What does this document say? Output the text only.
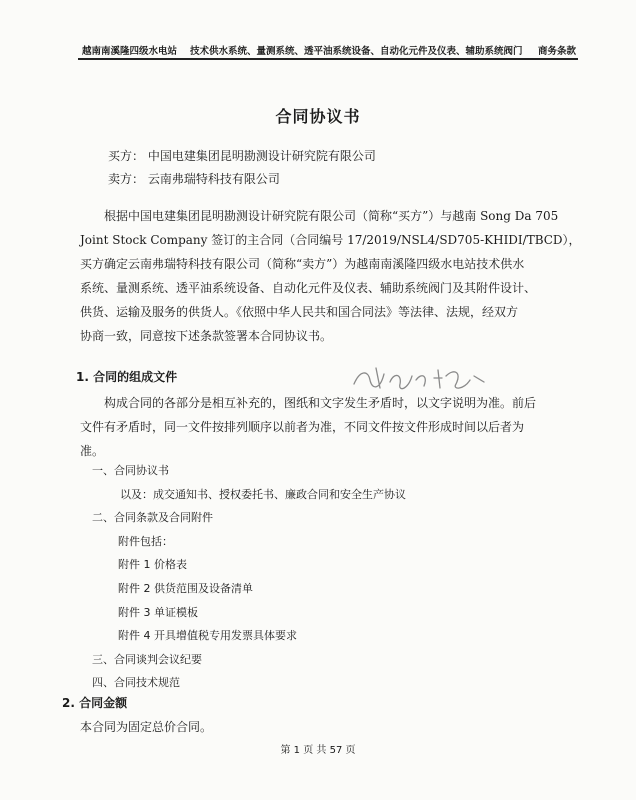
越南南溪隆四级水电站 技术供水系统、量测系统、透平油系统设备、自动化元件及仪表、辅助系统阀门 商务条款
合同协议书
买方： 中国电建集团昆明勘测设计研究院有限公司
卖方： 云南弗瑞特科技有限公司
根据中国电建集团昆明勘测设计研究院有限公司（简称“买方”）与越南 Song Da 705
Joint Stock Company 签订的主合同（合同编号 17/2019/NSL4/SD705-KHIDI/TBCD），
买方确定云南弗瑞特科技有限公司（简称“卖方”）为越南南溪隆四级水电站技术供水
系统、量测系统、透平油系统设备、自动化元件及仪表、辅助系统阀门及其附件设计、
供货、运输及服务的供货人。《依照中华人民共和国合同法》等法律、法规，经双方
协商一致，同意按下述条款签署本合同协议书。
1. 合同的组成文件
构成合同的各部分是相互补充的，图纸和文字发生矛盾时，以文字说明为准。前后
文件有矛盾时，同一文件按排列顺序以前者为准，不同文件按文件形成时间以后者为
准。
一、合同协议书
以及：成交通知书、授权委托书、廉政合同和安全生产协议
二、合同条款及合同附件
附件包括：
附件 1 价格表
附件 2 供货范围及设备清单
附件 3 单证模板
附件 4 开具增值税专用发票具体要求
三、合同谈判会议纪要
四、合同技术规范
2. 合同金额
本合同为固定总价合同。
第 1 页 共 57 页
